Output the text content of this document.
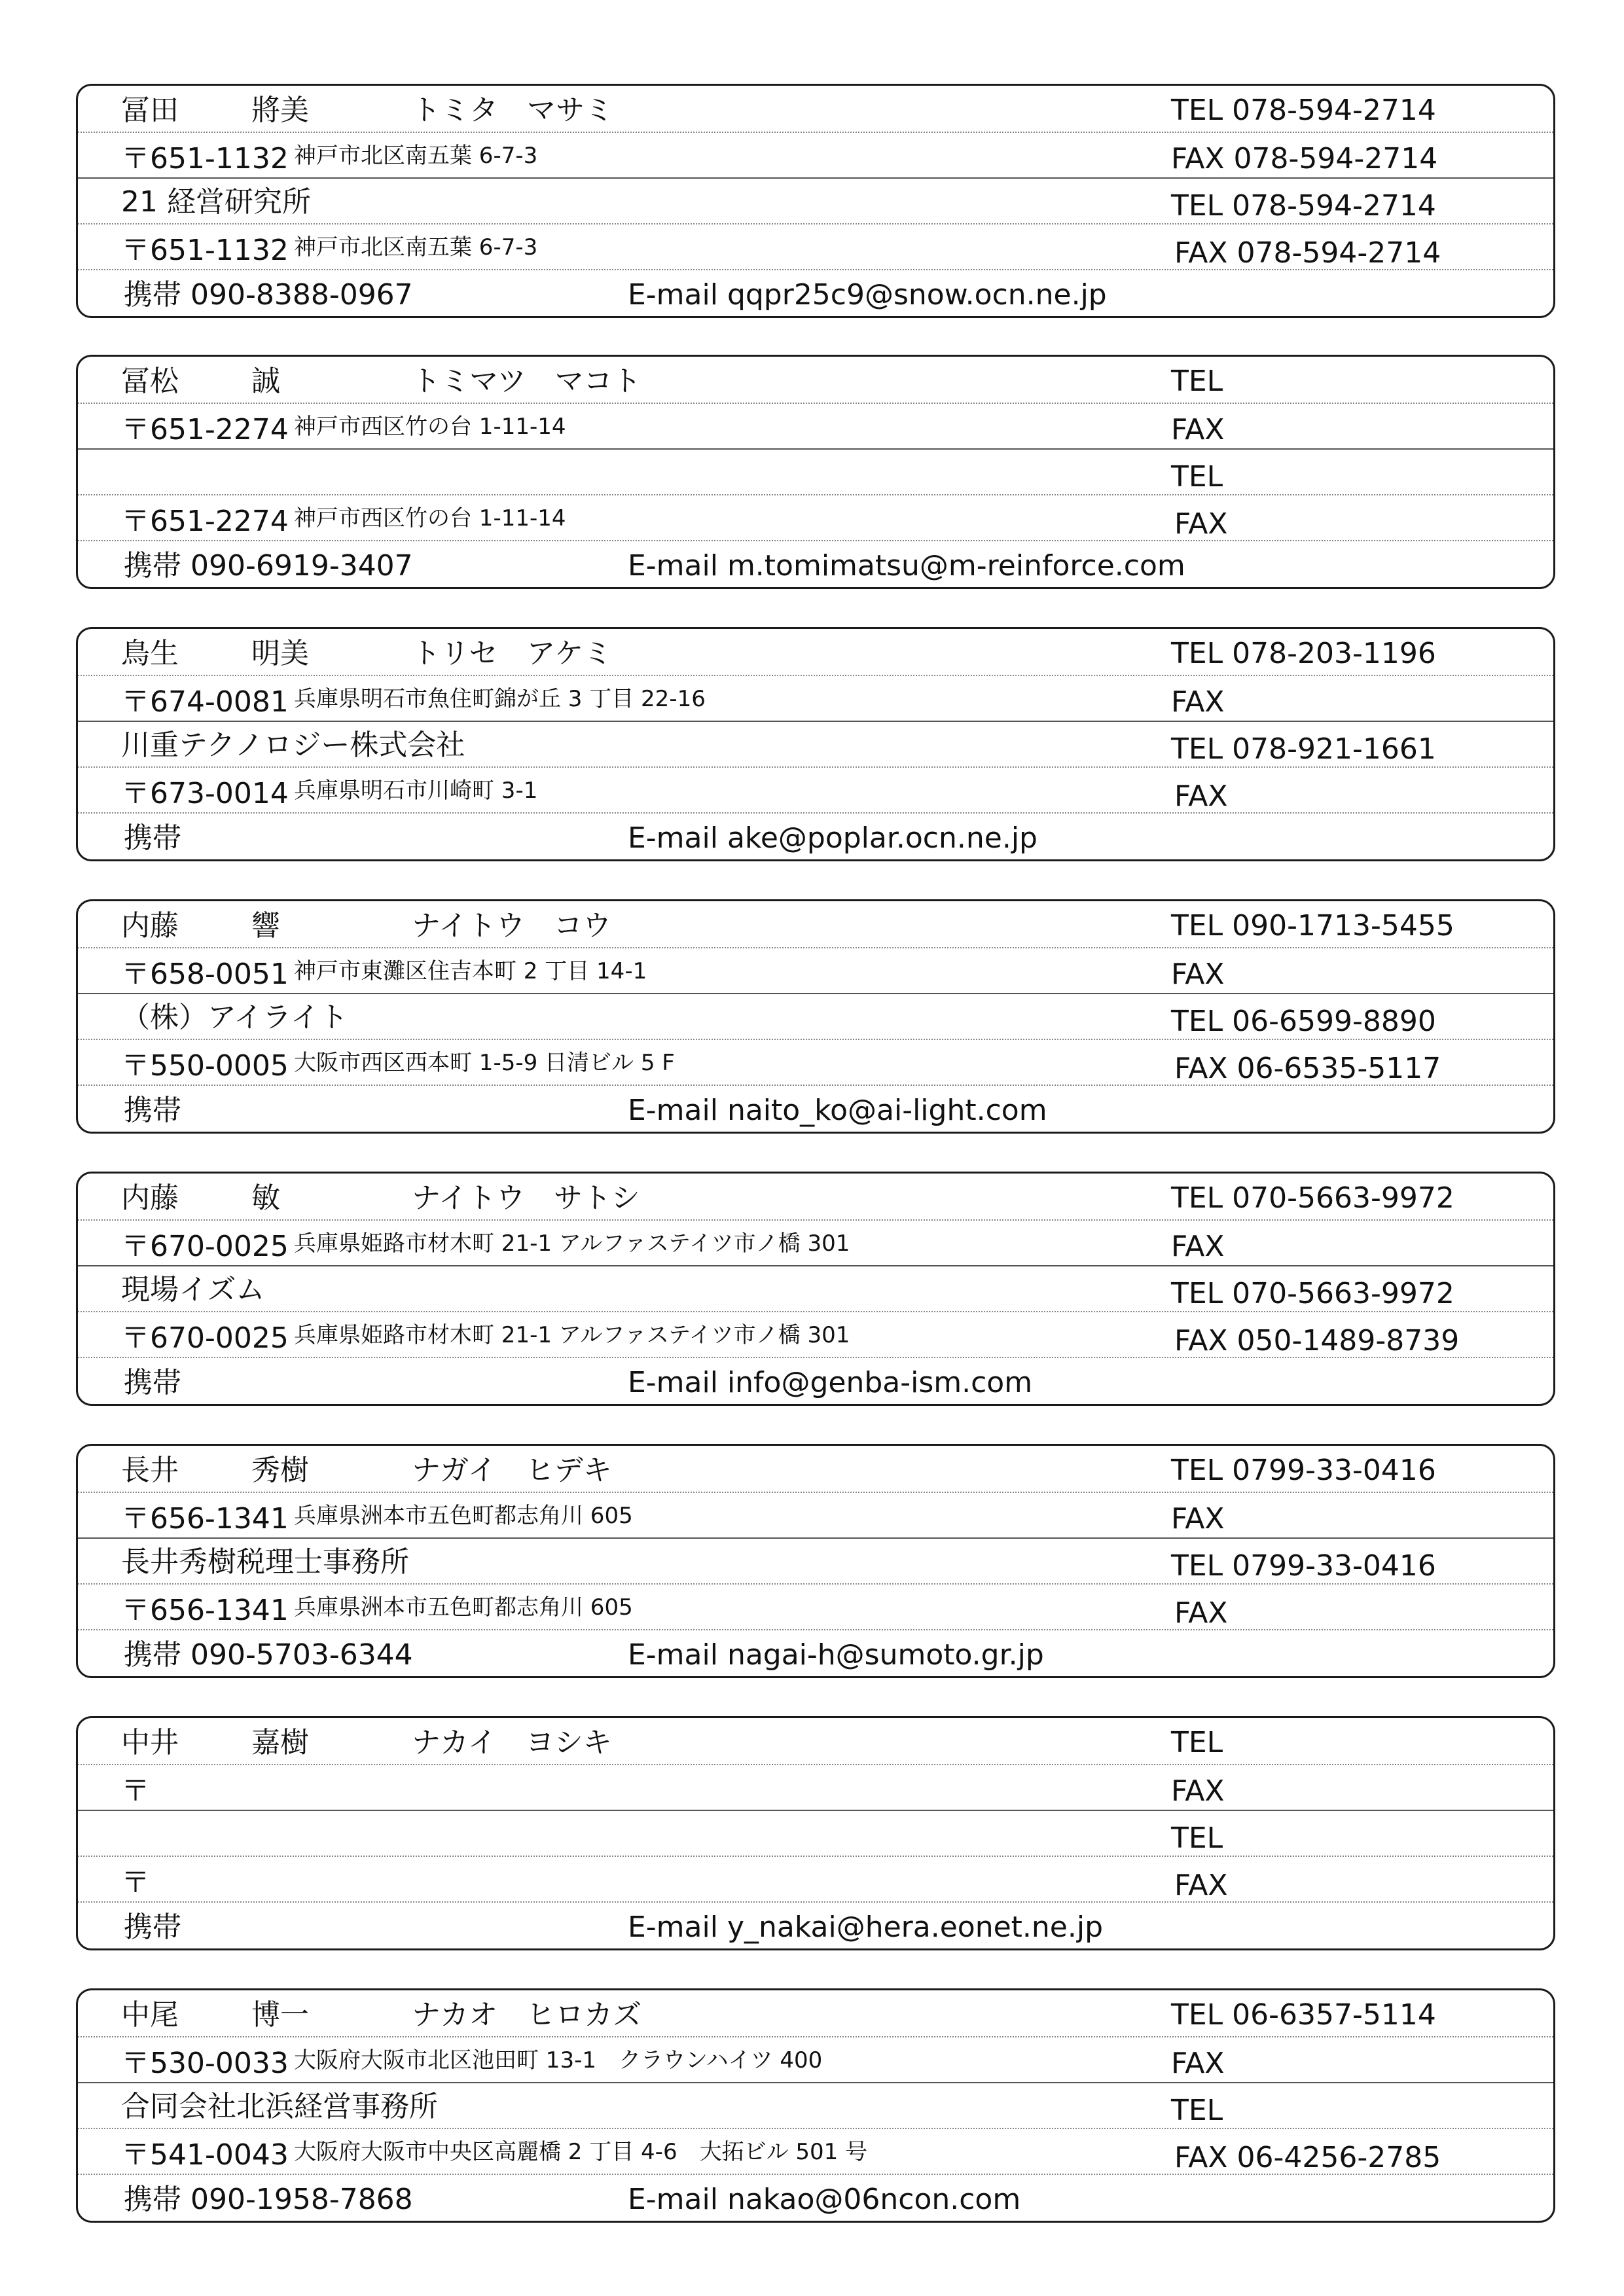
冨田	將美	トミタ　マサミ	TEL 078-594-2714
〒651-1132 神戸市北区南五葉 6-7-3	FAX 078-594-2714
21 経営研究所	TEL 078-594-2714
〒651-1132 神戸市北区南五葉 6-7-3	FAX 078-594-2714
携帯 090-8388-0967	E-mail qqpr25c9@snow.ocn.ne.jp
冨松	誠	トミマツ　マコト	TEL
〒651-2274 神戸市西区竹の台 1-11-14	FAX
TEL
〒651-2274 神戸市西区竹の台 1-11-14	FAX
携帯 090-6919-3407	E-mail m.tomimatsu@m-reinforce.com
鳥生	明美	トリセ　アケミ	TEL 078-203-1196
〒674-0081 兵庫県明石市魚住町錦が丘 3 丁目 22-16	FAX
川重テクノロジー株式会社	TEL 078-921-1661
〒673-0014 兵庫県明石市川崎町 3-1	FAX
携帯	E-mail ake@poplar.ocn.ne.jp
内藤	響	ナイトウ　コウ	TEL 090-1713-5455
〒658-0051 神戸市東灘区住吉本町 2 丁目 14-1	FAX
（株）アイライト	TEL 06-6599-8890
〒550-0005 大阪市西区西本町 1-5-9 日清ビル 5 F	FAX 06-6535-5117
携帯	E-mail naito_ko@ai-light.com
内藤	敏	ナイトウ　サトシ	TEL 070-5663-9972
〒670-0025 兵庫県姫路市材木町 21-1 アルファステイツ市ノ橋 301	FAX
現場イズム	TEL 070-5663-9972
〒670-0025 兵庫県姫路市材木町 21-1 アルファステイツ市ノ橋 301	FAX 050-1489-8739
携帯	E-mail info@genba-ism.com
長井	秀樹	ナガイ　ヒデキ	TEL 0799-33-0416
〒656-1341 兵庫県洲本市五色町都志角川 605	FAX
長井秀樹税理士事務所	TEL 0799-33-0416
〒656-1341 兵庫県洲本市五色町都志角川 605	FAX
携帯 090-5703-6344	E-mail nagai-h@sumoto.gr.jp
中井	嘉樹	ナカイ　ヨシキ	TEL
〒	FAX
TEL
〒	FAX
携帯	E-mail y_nakai@hera.eonet.ne.jp
中尾	博一	ナカオ　ヒロカズ	TEL 06-6357-5114
〒530-0033 大阪府大阪市北区池田町 13-1　クラウンハイツ 400	FAX
合同会社北浜経営事務所	TEL
〒541-0043 大阪府大阪市中央区高麗橋 2 丁目 4-6　大拓ビル 501 号	FAX 06-4256-2785
携帯 090-1958-7868	E-mail nakao@06ncon.com
